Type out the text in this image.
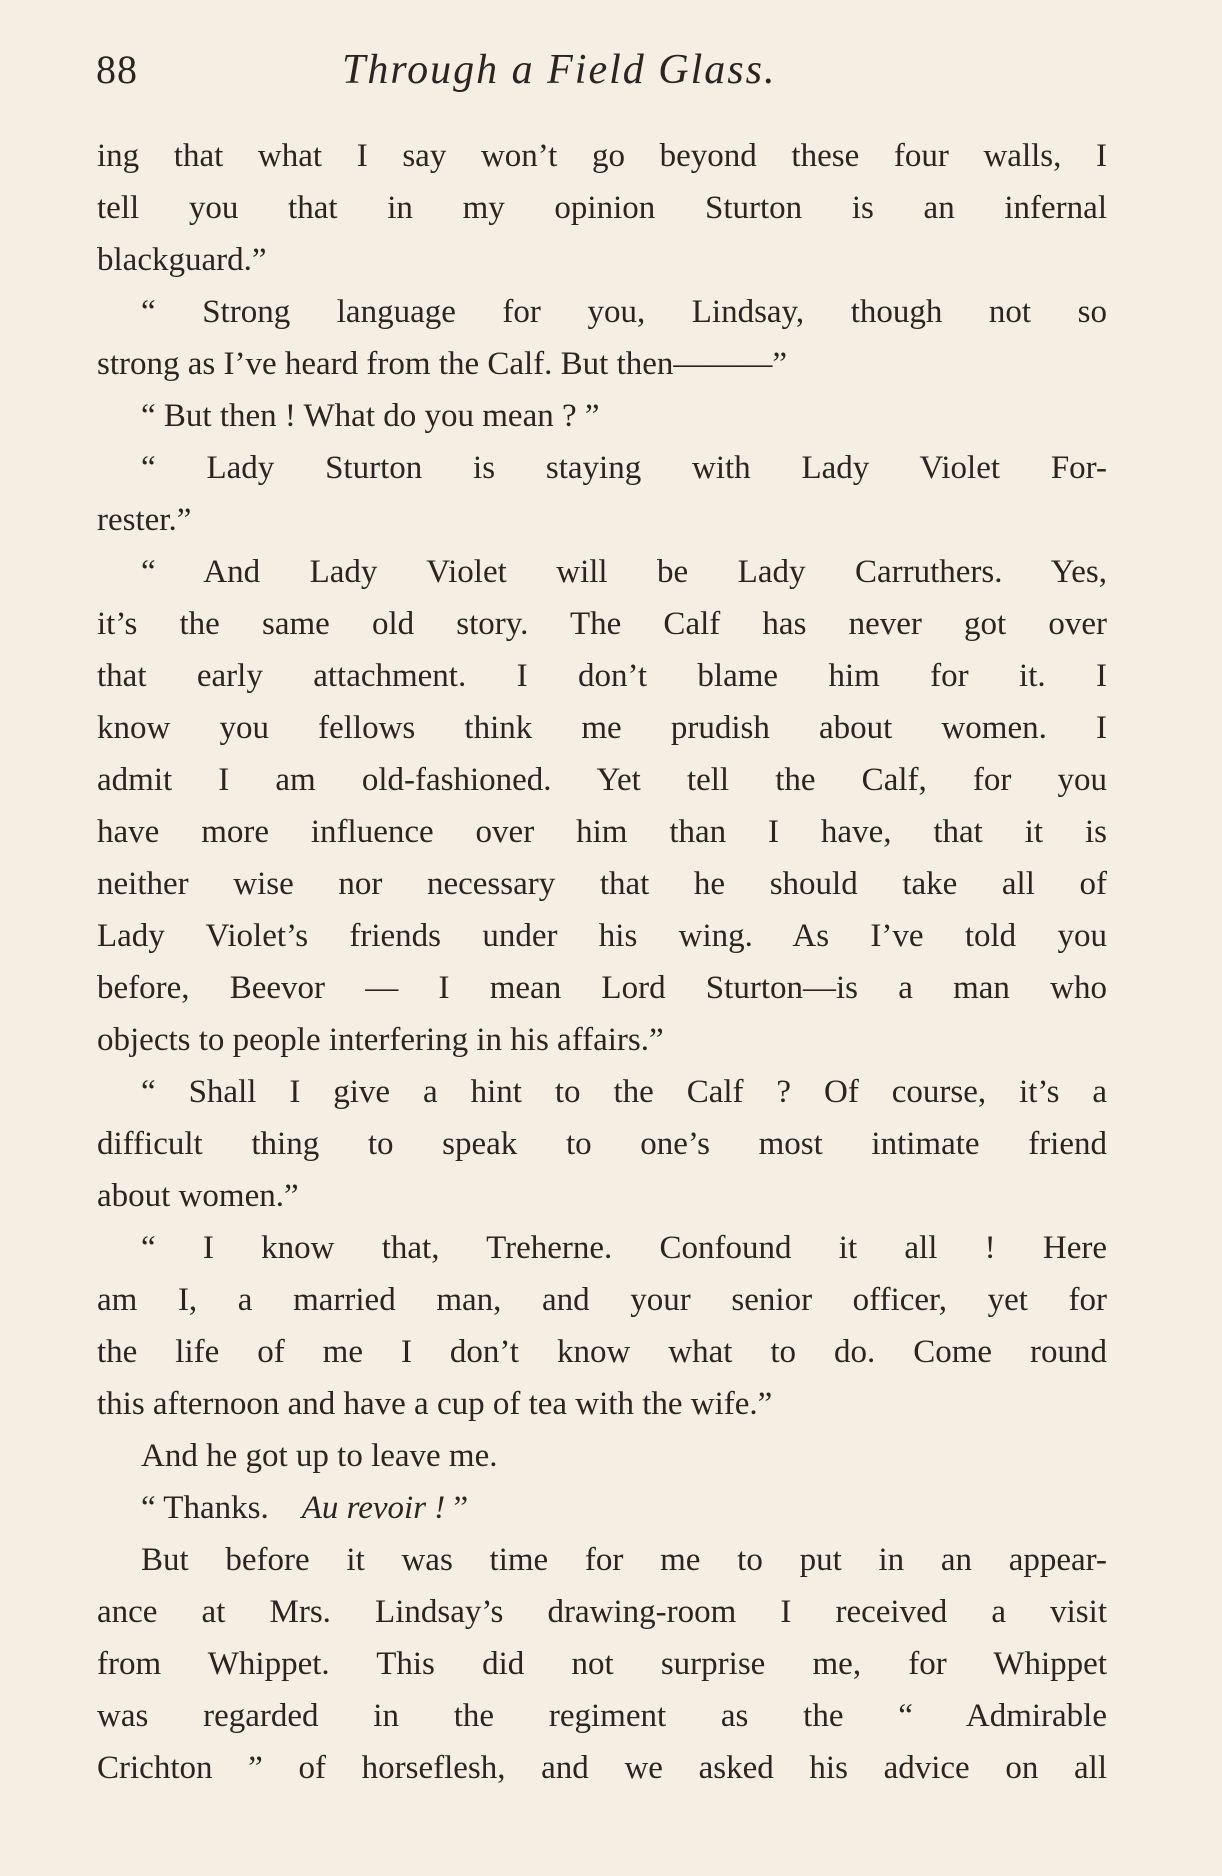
88	Through a Field Glass.
ing that what I say won’t go beyond these four walls, I
tell you that in my opinion Sturton is an infernal
blackguard.”
“ Strong language for you, Lindsay, though not so
strong as I’ve heard from the Calf. But then———”
“ But then ! What do you mean ? ”
“ Lady Sturton is staying with Lady Violet For-
rester.”
“ And Lady Violet will be Lady Carruthers. Yes,
it’s the same old story. The Calf has never got over
that early attachment. I don’t blame him for it. I
know you fellows think me prudish about women. I
admit I am old-fashioned. Yet tell the Calf, for you
have more influence over him than I have, that it is
neither wise nor necessary that he should take all of
Lady Violet’s friends under his wing. As I’ve told you
before, Beevor — I mean Lord Sturton—is a man who
objects to people interfering in his affairs.”
“ Shall I give a hint to the Calf ? Of course, it’s a
difficult thing to speak to one’s most intimate friend
about women.”
“ I know that, Treherne. Confound it all ! Here
am I, a married man, and your senior officer, yet for
the life of me I don’t know what to do. Come round
this afternoon and have a cup of tea with the wife.”
And he got up to leave me.
“ Thanks. Au revoir ! ”
But before it was time for me to put in an appear-
ance at Mrs. Lindsay’s drawing-room I received a visit
from Whippet. This did not surprise me, for Whippet
was regarded in the regiment as the “ Admirable
Crichton ” of horseflesh, and we asked his advice on all
